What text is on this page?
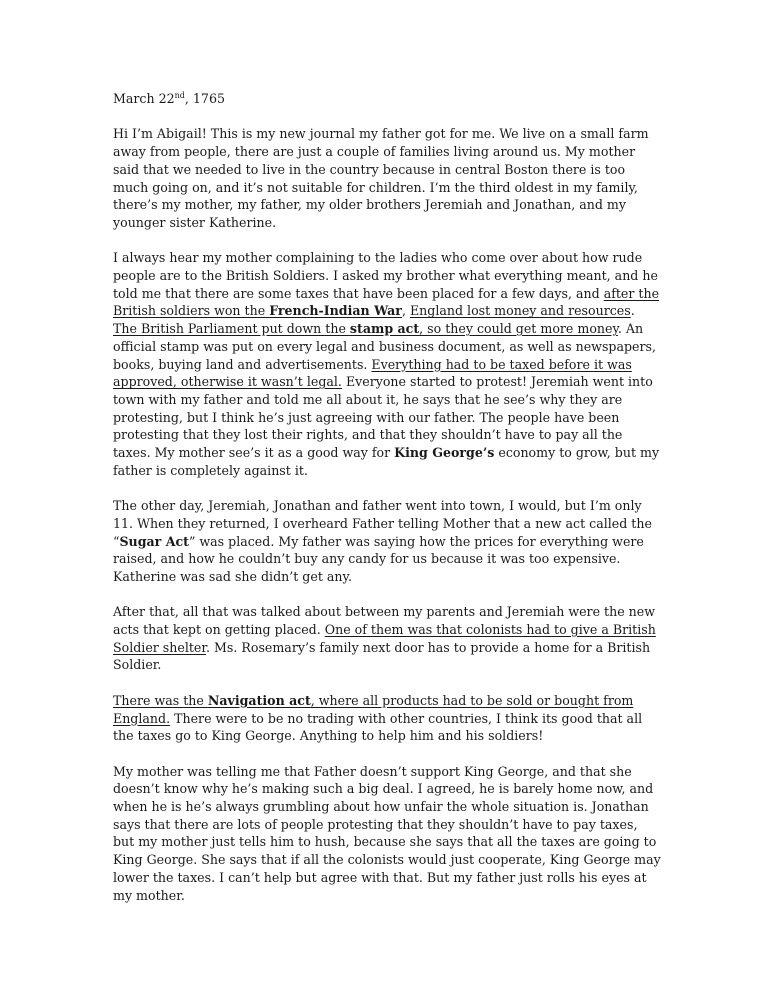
March 22nd, 1765

Hi I’m Abigail! This is my new journal my father got for me. We live on a small farm away from people, there are just a couple of families living around us. My mother said that we needed to live in the country because in central Boston there is too much going on, and it’s not suitable for children. I’m the third oldest in my family, there’s my mother, my father, my older brothers Jeremiah and Jonathan, and my younger sister Katherine.

I always hear my mother complaining to the ladies who come over about how rude people are to the British Soldiers. I asked my brother what everything meant, and he told me that there are some taxes that have been placed for a few days, and after the British soldiers won the French-Indian War, England lost money and resources. The British Parliament put down the stamp act, so they could get more money. An official stamp was put on every legal and business document, as well as newspapers, books, buying land and advertisements. Everything had to be taxed before it was approved, otherwise it wasn’t legal. Everyone started to protest! Jeremiah went into town with my father and told me all about it, he says that he see’s why they are protesting, but I think he’s just agreeing with our father. The people have been protesting that they lost their rights, and that they shouldn’t have to pay all the taxes. My mother see’s it as a good way for King George’s economy to grow, but my father is completely against it.

The other day, Jeremiah, Jonathan and father went into town, I would, but I’m only 11. When they returned, I overheard Father telling Mother that a new act called the “Sugar Act” was placed. My father was saying how the prices for everything were raised, and how he couldn’t buy any candy for us because it was too expensive. Katherine was sad she didn’t get any.

After that, all that was talked about between my parents and Jeremiah were the new acts that kept on getting placed. One of them was that colonists had to give a British Soldier shelter. Ms. Rosemary’s family next door has to provide a home for a British Soldier.

There was the Navigation act, where all products had to be sold or bought from England. There were to be no trading with other countries, I think its good that all the taxes go to King George. Anything to help him and his soldiers!

My mother was telling me that Father doesn’t support King George, and that she doesn’t know why he’s making such a big deal. I agreed, he is barely home now, and when he is he’s always grumbling about how unfair the whole situation is. Jonathan says that there are lots of people protesting that they shouldn’t have to pay taxes, but my mother just tells him to hush, because she says that all the taxes are going to King George. She says that if all the colonists would just cooperate, King George may lower the taxes. I can’t help but agree with that. But my father just rolls his eyes at my mother.
